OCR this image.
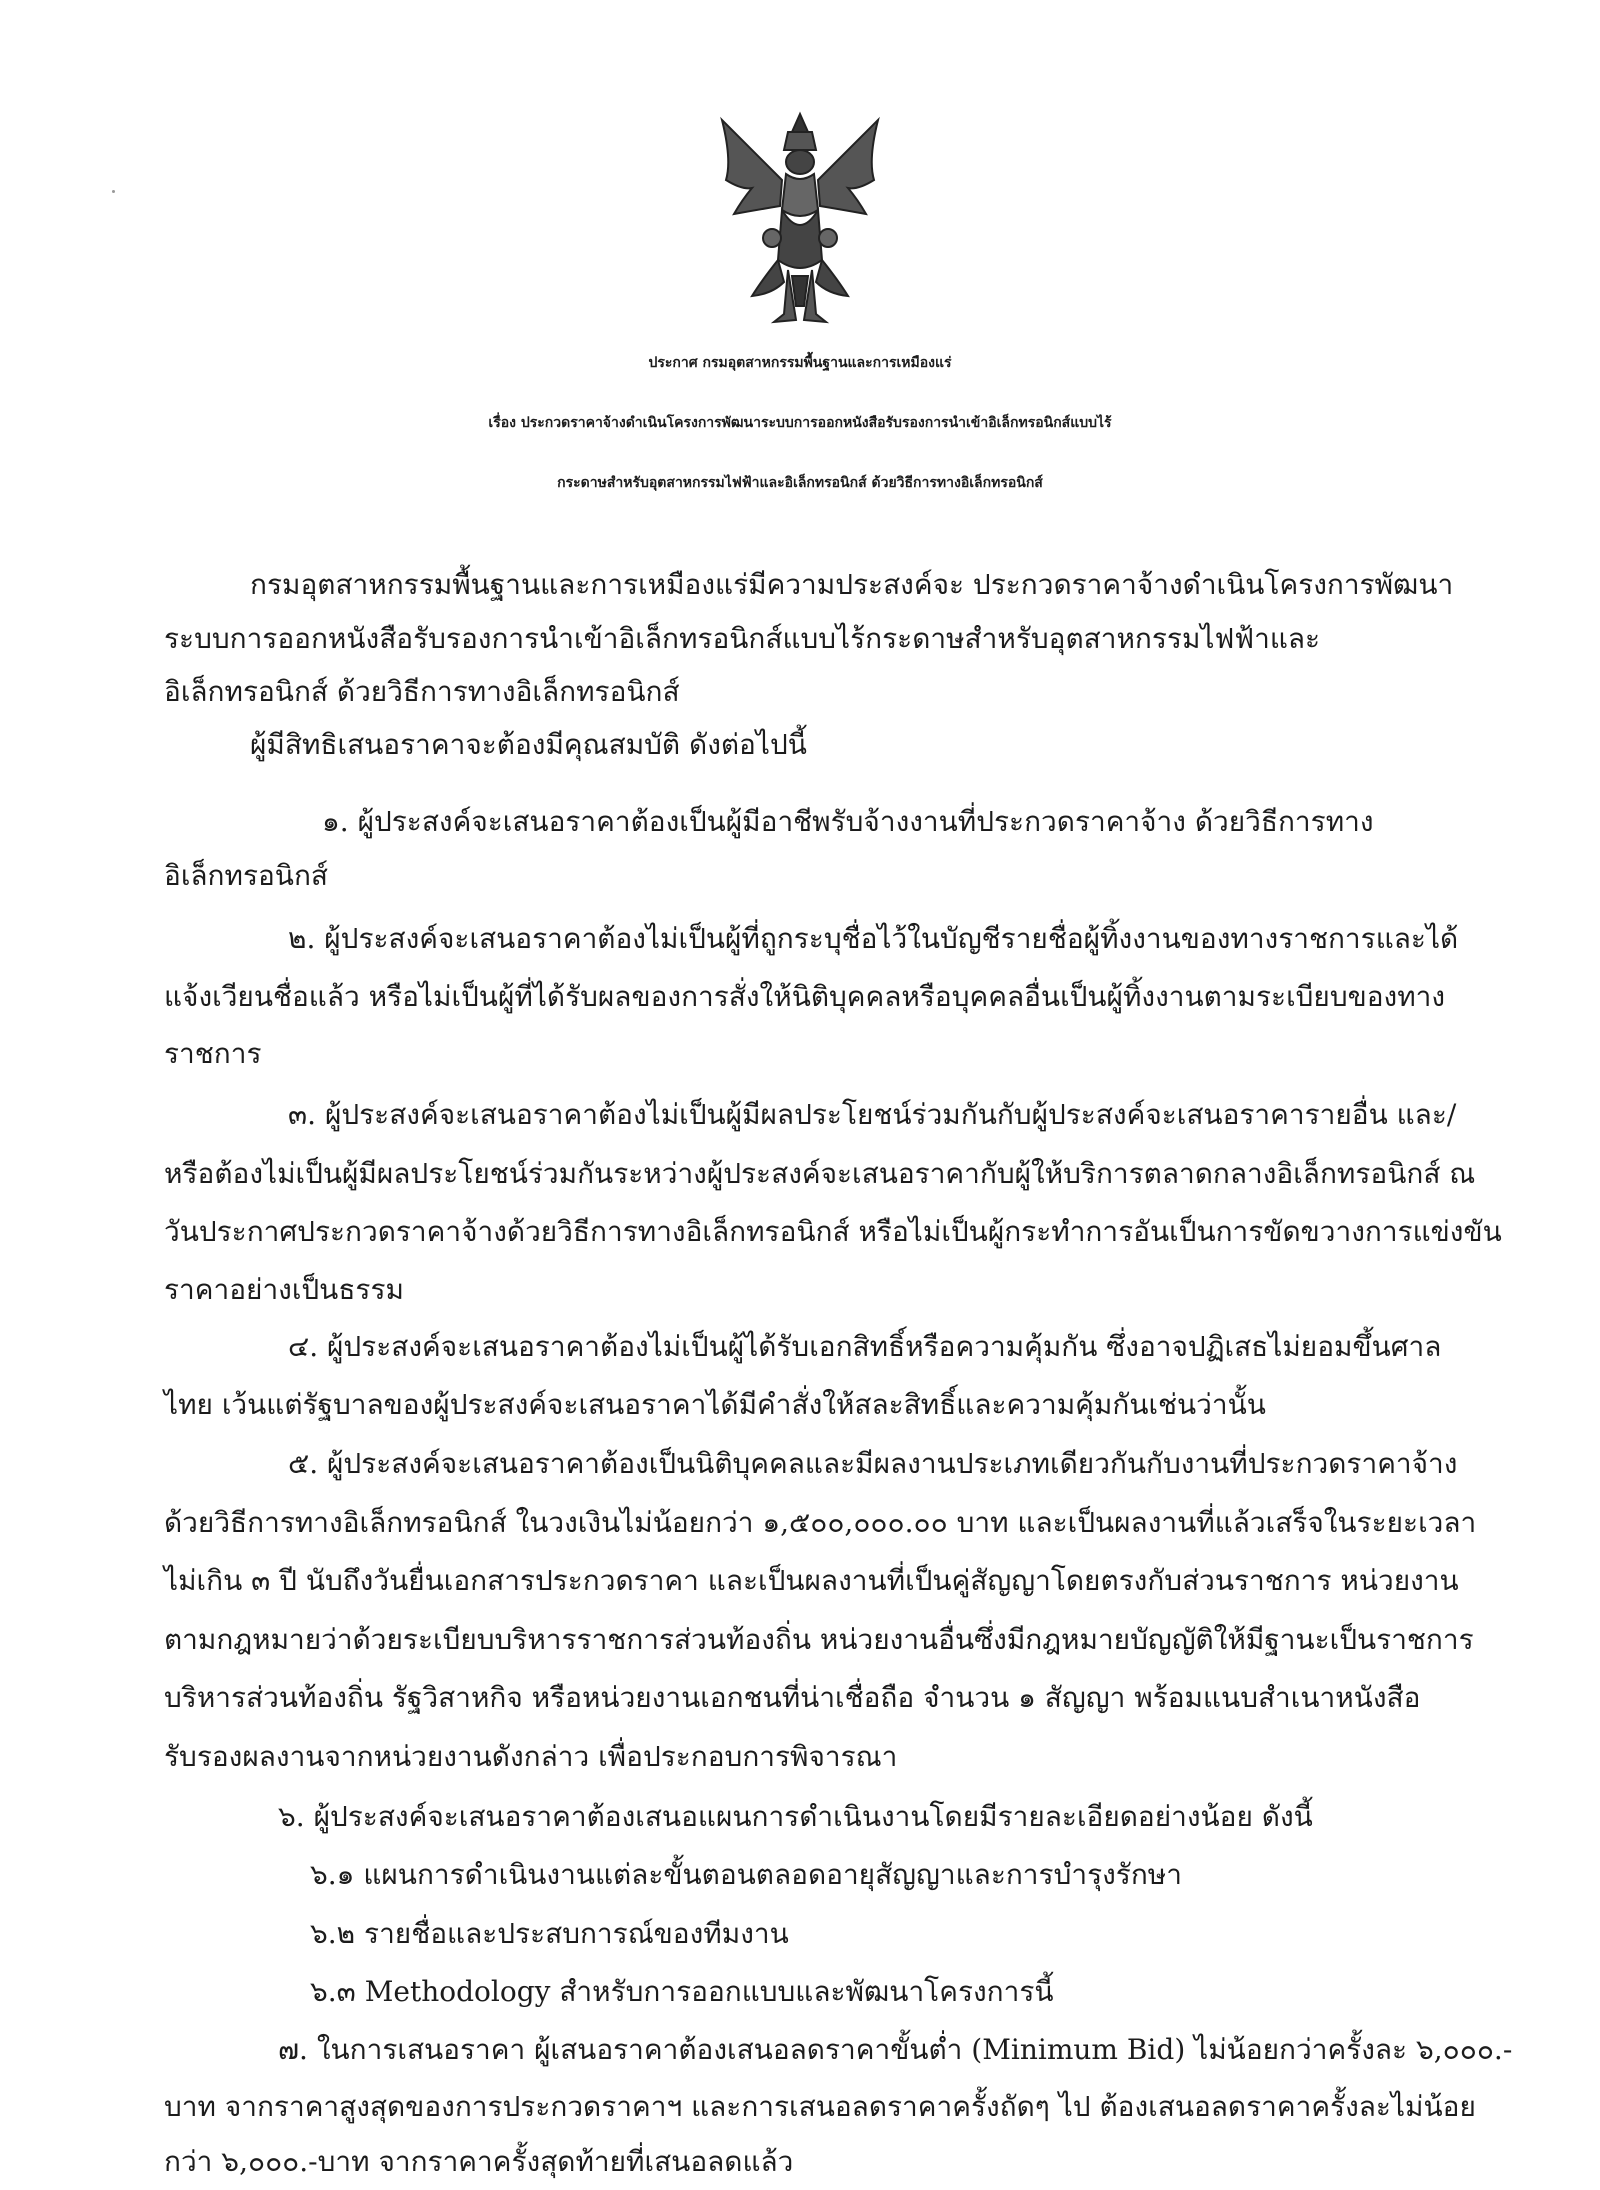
ประกาศ กรมอุตสาหกรรมพื้นฐานและการเหมืองแร่
เรื่อง ประกวดราคาจ้างดำเนินโครงการพัฒนาระบบการออกหนังสือรับรองการนำเข้าอิเล็กทรอนิกส์แบบไร้
กระดาษสำหรับอุตสาหกรรมไฟฟ้าและอิเล็กทรอนิกส์ ด้วยวิธีการทางอิเล็กทรอนิกส์
กรมอุตสาหกรรมพื้นฐานและการเหมืองแร่มีความประสงค์จะ ประกวดราคาจ้างดำเนินโครงการพัฒนา
ระบบการออกหนังสือรับรองการนำเข้าอิเล็กทรอนิกส์แบบไร้กระดาษสำหรับอุตสาหกรรมไฟฟ้าและ
อิเล็กทรอนิกส์ ด้วยวิธีการทางอิเล็กทรอนิกส์
ผู้มีสิทธิเสนอราคาจะต้องมีคุณสมบัติ ดังต่อไปนี้
๑. ผู้ประสงค์จะเสนอราคาต้องเป็นผู้มีอาชีพรับจ้างงานที่ประกวดราคาจ้าง ด้วยวิธีการทาง
อิเล็กทรอนิกส์
๒. ผู้ประสงค์จะเสนอราคาต้องไม่เป็นผู้ที่ถูกระบุชื่อไว้ในบัญชีรายชื่อผู้ทิ้งงานของทางราชการและได้
แจ้งเวียนชื่อแล้ว หรือไม่เป็นผู้ที่ได้รับผลของการสั่งให้นิติบุคคลหรือบุคคลอื่นเป็นผู้ทิ้งงานตามระเบียบของทาง
ราชการ
๓. ผู้ประสงค์จะเสนอราคาต้องไม่เป็นผู้มีผลประโยชน์ร่วมกันกับผู้ประสงค์จะเสนอราคารายอื่น และ/
หรือต้องไม่เป็นผู้มีผลประโยชน์ร่วมกันระหว่างผู้ประสงค์จะเสนอราคากับผู้ให้บริการตลาดกลางอิเล็กทรอนิกส์ ณ
วันประกาศประกวดราคาจ้างด้วยวิธีการทางอิเล็กทรอนิกส์ หรือไม่เป็นผู้กระทำการอันเป็นการขัดขวางการแข่งขัน
ราคาอย่างเป็นธรรม
๔. ผู้ประสงค์จะเสนอราคาต้องไม่เป็นผู้ได้รับเอกสิทธิ์หรือความคุ้มกัน ซึ่งอาจปฏิเสธไม่ยอมขึ้นศาล
ไทย เว้นแต่รัฐบาลของผู้ประสงค์จะเสนอราคาได้มีคำสั่งให้สละสิทธิ์และความคุ้มกันเช่นว่านั้น
๕. ผู้ประสงค์จะเสนอราคาต้องเป็นนิติบุคคลและมีผลงานประเภทเดียวกันกับงานที่ประกวดราคาจ้าง
ด้วยวิธีการทางอิเล็กทรอนิกส์ ในวงเงินไม่น้อยกว่า ๑,๕๐๐,๐๐๐.๐๐ บาท และเป็นผลงานที่แล้วเสร็จในระยะเวลา
ไม่เกิน ๓ ปี นับถึงวันยื่นเอกสารประกวดราคา และเป็นผลงานที่เป็นคู่สัญญาโดยตรงกับส่วนราชการ หน่วยงาน
ตามกฎหมายว่าด้วยระเบียบบริหารราชการส่วนท้องถิ่น หน่วยงานอื่นซึ่งมีกฎหมายบัญญัติให้มีฐานะเป็นราชการ
บริหารส่วนท้องถิ่น รัฐวิสาหกิจ หรือหน่วยงานเอกชนที่น่าเชื่อถือ จำนวน ๑ สัญญา พร้อมแนบสำเนาหนังสือ
รับรองผลงานจากหน่วยงานดังกล่าว เพื่อประกอบการพิจารณา
๖. ผู้ประสงค์จะเสนอราคาต้องเสนอแผนการดำเนินงานโดยมีรายละเอียดอย่างน้อย ดังนี้
๖.๑ แผนการดำเนินงานแต่ละขั้นตอนตลอดอายุสัญญาและการบำรุงรักษา
๖.๒ รายชื่อและประสบการณ์ของทีมงาน
๖.๓ Methodology สำหรับการออกแบบและพัฒนาโครงการนี้
๗. ในการเสนอราคา ผู้เสนอราคาต้องเสนอลดราคาขั้นต่ำ (Minimum Bid) ไม่น้อยกว่าครั้งละ ๖,๐๐๐.-
บาท จากราคาสูงสุดของการประกวดราคาฯ และการเสนอลดราคาครั้งถัดๆ ไป ต้องเสนอลดราคาครั้งละไม่น้อย
กว่า ๖,๐๐๐.-บาท จากราคาครั้งสุดท้ายที่เสนอลดแล้ว
